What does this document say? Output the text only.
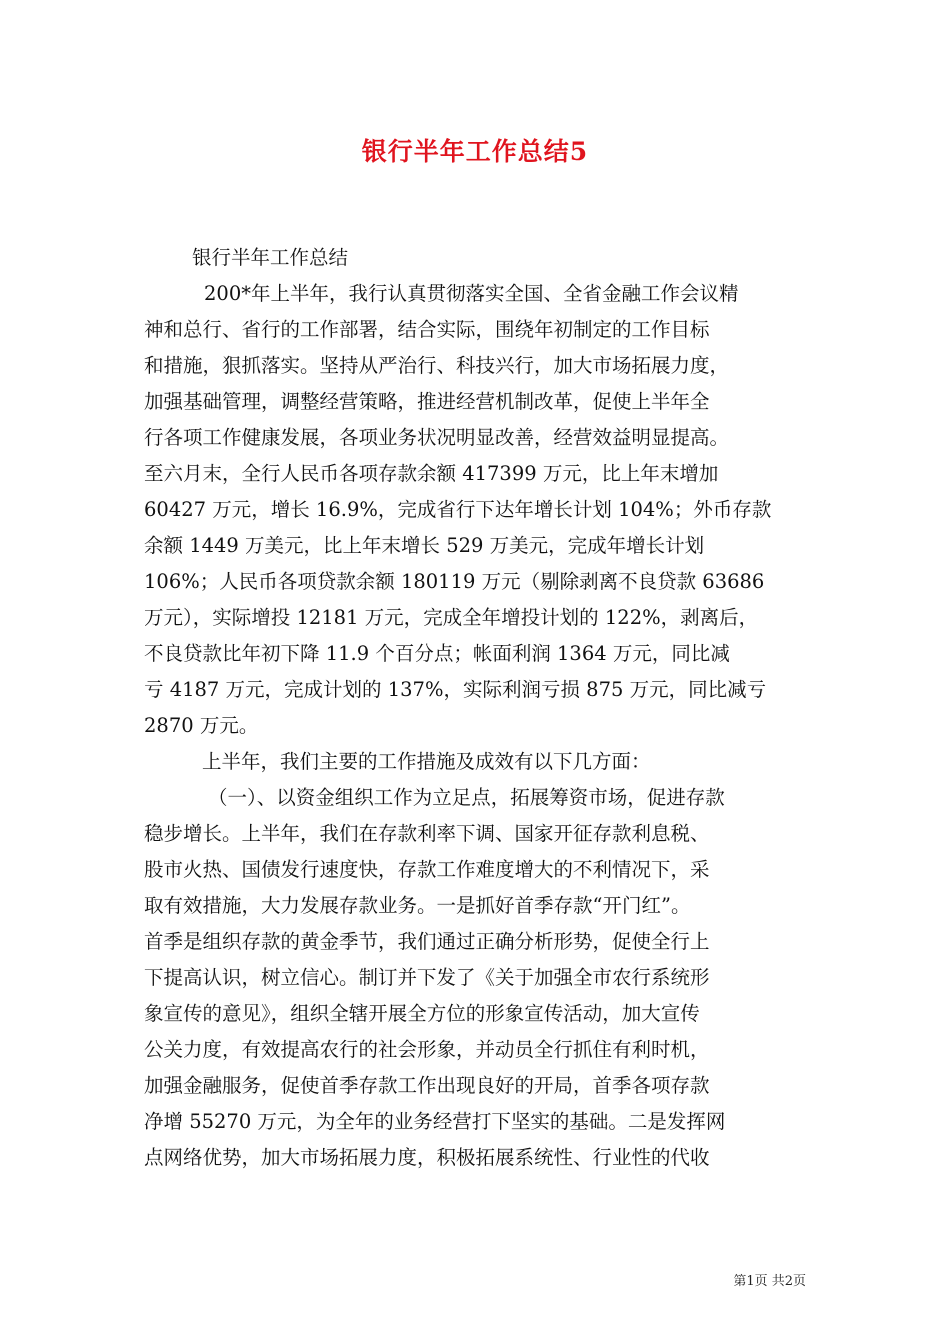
银行半年工作总结5
银行半年工作总结
200*年上半年，我行认真贯彻落实全国、全省金融工作会议精
神和总行、省行的工作部署，结合实际，围绕年初制定的工作目标
和措施，狠抓落实。坚持从严治行、科技兴行，加大市场拓展力度，
加强基础管理，调整经营策略，推进经营机制改革，促使上半年全
行各项工作健康发展，各项业务状况明显改善，经营效益明显提高。
至六月末，全行人民币各项存款余额 417399 万元，比上年末增加
60427 万元，增长 16.9%，完成省行下达年增长计划 104%；外币存款
余额 1449 万美元，比上年末增长 529 万美元，完成年增长计划
106%；人民币各项贷款余额 180119 万元（剔除剥离不良贷款 63686
万元），实际增投 12181 万元，完成全年增投计划的 122%，剥离后，
不良贷款比年初下降 11.9 个百分点；帐面利润 1364 万元，同比减
亏 4187 万元，完成计划的 137%，实际利润亏损 875 万元，同比减亏
2870 万元。
上半年，我们主要的工作措施及成效有以下几方面：
（一）、以资金组织工作为立足点，拓展筹资市场，促进存款
稳步增长。上半年，我们在存款利率下调、国家开征存款利息税、
股市火热、国债发行速度快，存款工作难度增大的不利情况下，采
取有效措施，大力发展存款业务。一是抓好首季存款“开门红”。
首季是组织存款的黄金季节，我们通过正确分析形势，促使全行上
下提高认识，树立信心。制订并下发了《关于加强全市农行系统形
象宣传的意见》，组织全辖开展全方位的形象宣传活动，加大宣传
公关力度，有效提高农行的社会形象，并动员全行抓住有利时机，
加强金融服务，促使首季存款工作出现良好的开局，首季各项存款
净增 55270 万元，为全年的业务经营打下坚实的基础。二是发挥网
点网络优势，加大市场拓展力度，积极拓展系统性、行业性的代收
第1页 共2页
